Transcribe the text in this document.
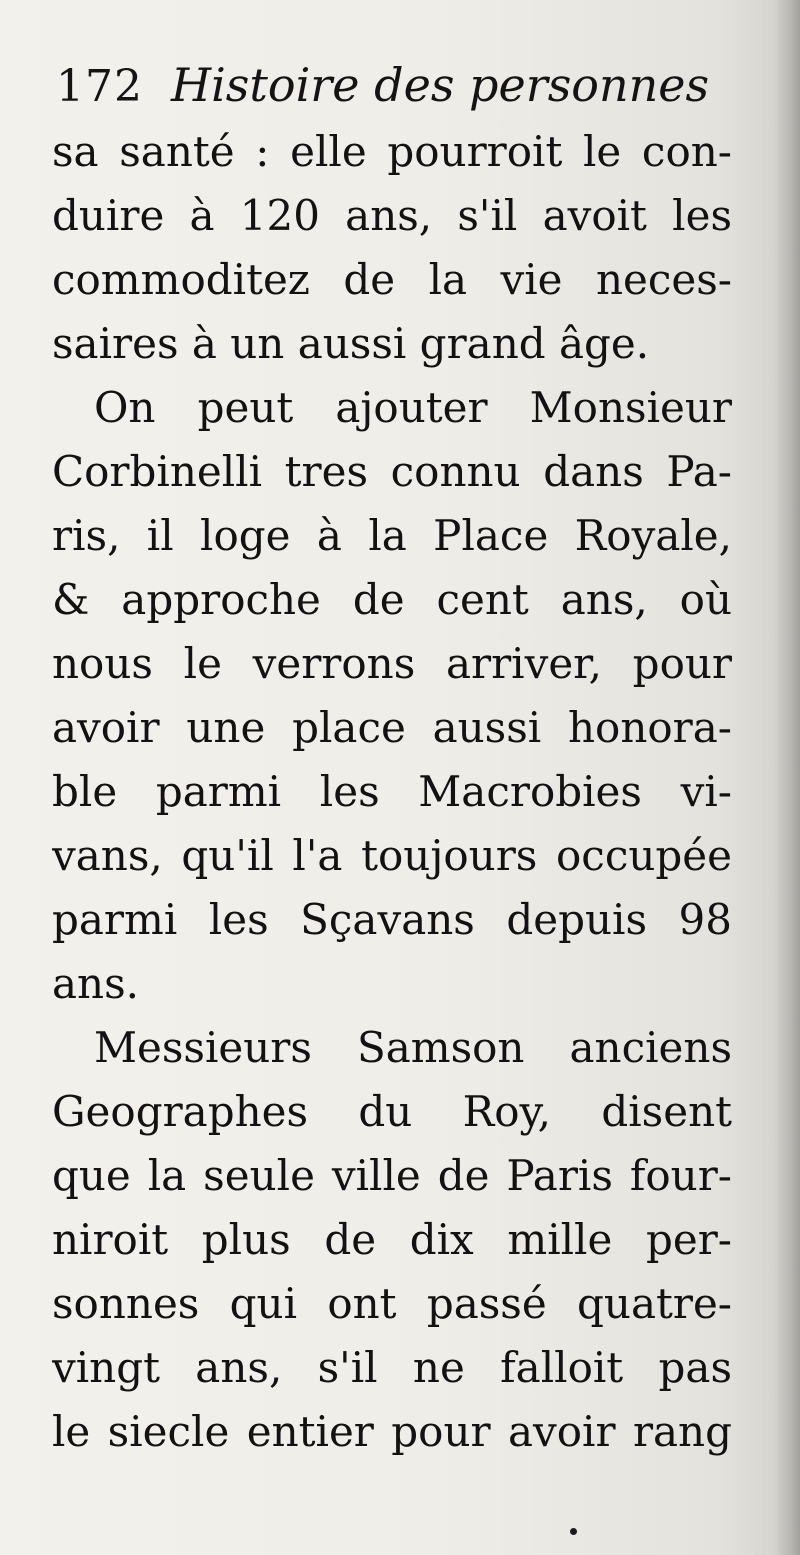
172 Histoire des personnes
sa santé : elle pourroit le con-
duire à 120 ans, s'il avoit les
commoditez de la vie neces-
saires à un aussi grand âge.
On peut ajouter Monsieur
Corbinelli tres connu dans Pa-
ris, il loge à la Place Royale,
& approche de cent ans, où
nous le verrons arriver, pour
avoir une place aussi honora-
ble parmi les Macrobies vi-
vans, qu'il l'a toujours occupée
parmi les Sçavans depuis 98
ans.
Messieurs Samson anciens
Geographes du Roy, disent
que la seule ville de Paris four-
niroit plus de dix mille per-
sonnes qui ont passé quatre-
vingt ans, s'il ne falloit pas
le siecle entier pour avoir rang
